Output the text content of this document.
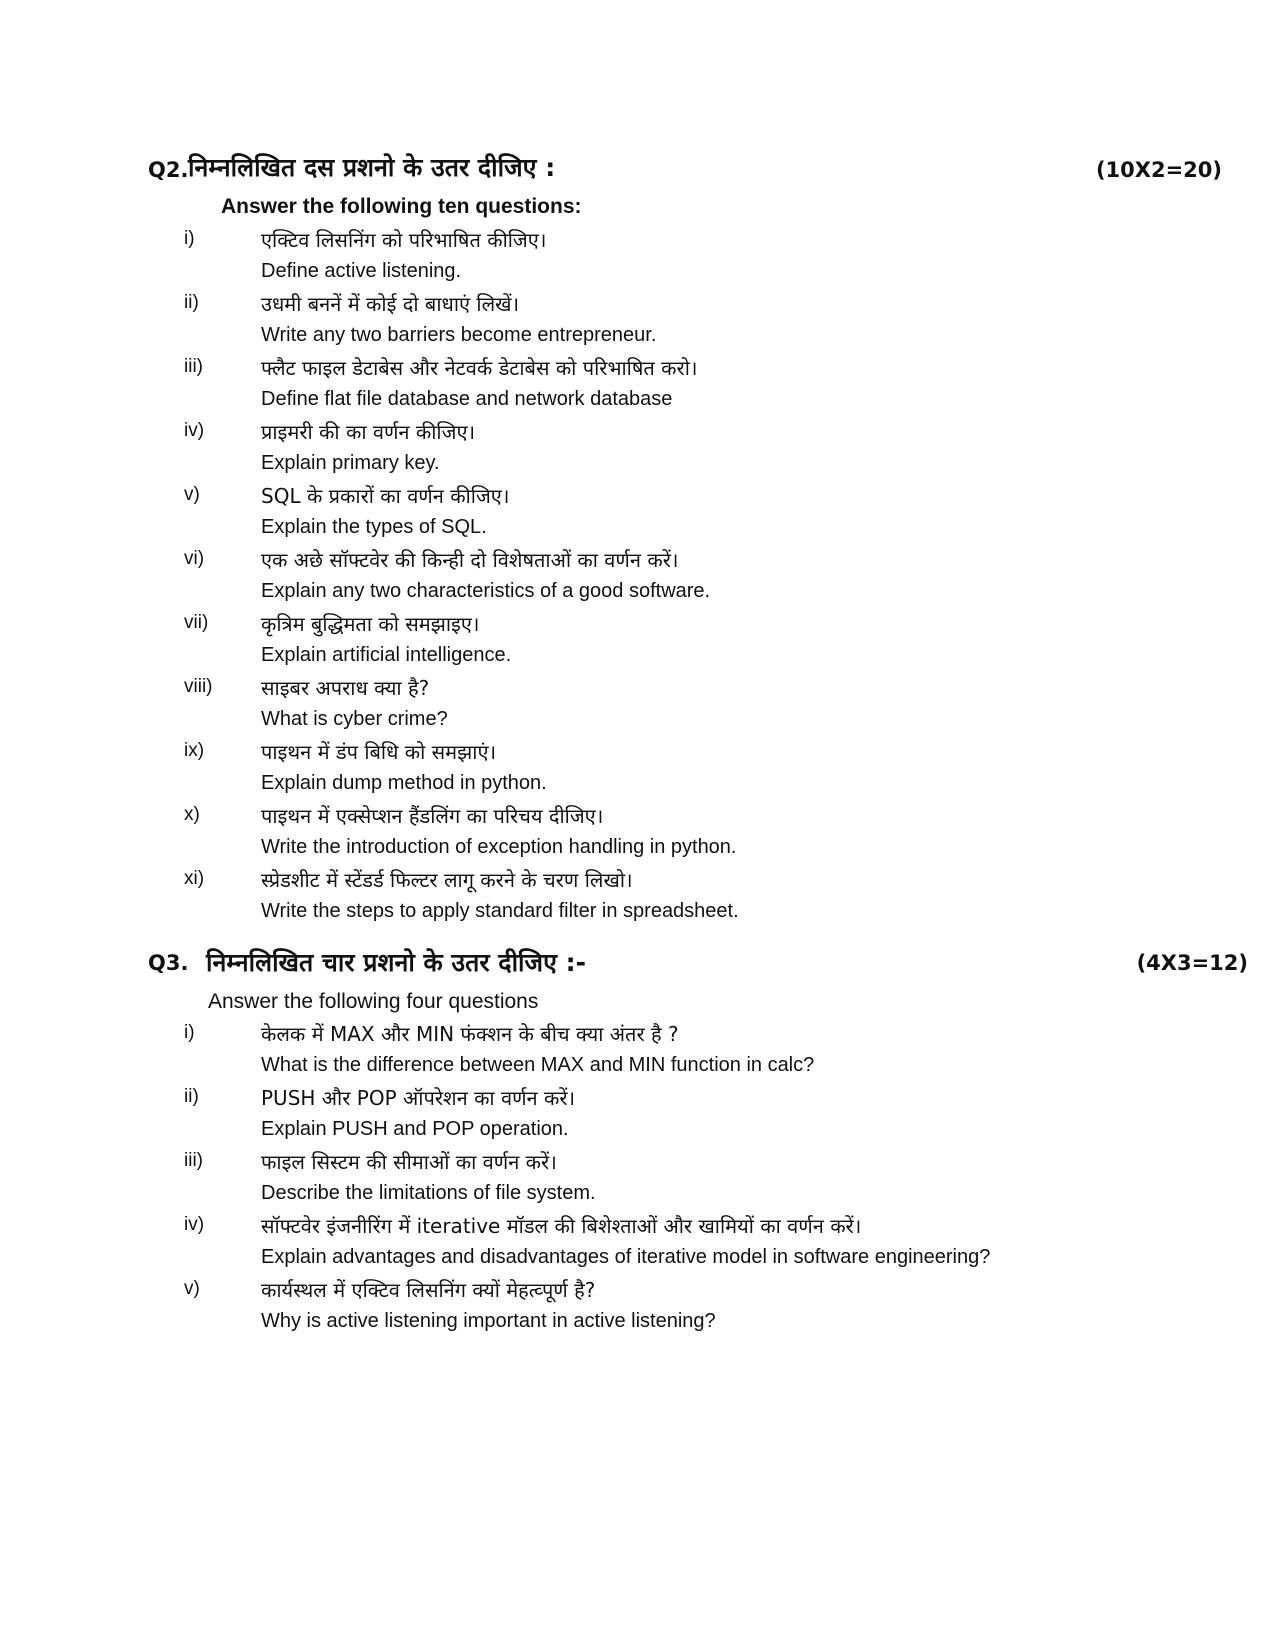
Q2. निम्नलिखित दस प्रशनो के उतर दीजिए :	(10X2=20)
Answer the following ten questions:
i)	एक्टिव लिसनिंग को परिभाषित कीजिए।
Define active listening.
ii)	उधमी बननें में कोई दो बाधाएं लिखें।
Write any two barriers become entrepreneur.
iii)	फ्लैट फाइल डेटाबेस और नेटवर्क डेटाबेस को परिभाषित करो।
Define flat file database and network database
iv)	प्राइमरी की का वर्णन कीजिए।
Explain primary key.
v)	SQL के प्रकारों का वर्णन कीजिए।
Explain the types of SQL.
vi)	एक अछे सॉफ्टवेर की किन्ही दो विशेषताओं का वर्णन करें।
Explain any two characteristics of a good software.
vii)	कृत्रिम बुद्धिमता को समझाइए।
Explain artificial intelligence.
viii) साइबर अपराध क्या है?
What is cyber crime?
ix)	पाइथन में डंप बिधि को समझाएं।
Explain dump method in python.
x)	पाइथन में एक्सेप्शन हैंडलिंग का परिचय दीजिए।
Write the introduction of exception handling in python.
xi)	स्प्रेडशीट में स्टेंडर्ड फिल्टर लागू करने के चरण लिखो।
Write the steps to apply standard filter in spreadsheet.
Q3. निम्नलिखित चार प्रशनो के उतर दीजिए :-	(4X3=12)
Answer the following four questions
i)	केलक में MAX और MIN फंक्शन के बीच क्या अंतर है ?
What is the difference between MAX and MIN function in calc?
ii)	PUSH और POP ऑपरेशन का वर्णन करें।
Explain PUSH and POP operation.
iii)	फाइल सिस्टम की सीमाओं का वर्णन करें।
Describe the limitations of file system.
iv)	सॉफ्टवेर इंजनीरिंग में iterative मॉडल की बिशेश्ताओं और खामियों का वर्णन करें।
Explain advantages and disadvantages of iterative model in software engineering?
v)	कार्यस्थल में एक्टिव लिसनिंग क्यों मेहत्व्पूर्ण है?
Why is active listening important in active listening?
